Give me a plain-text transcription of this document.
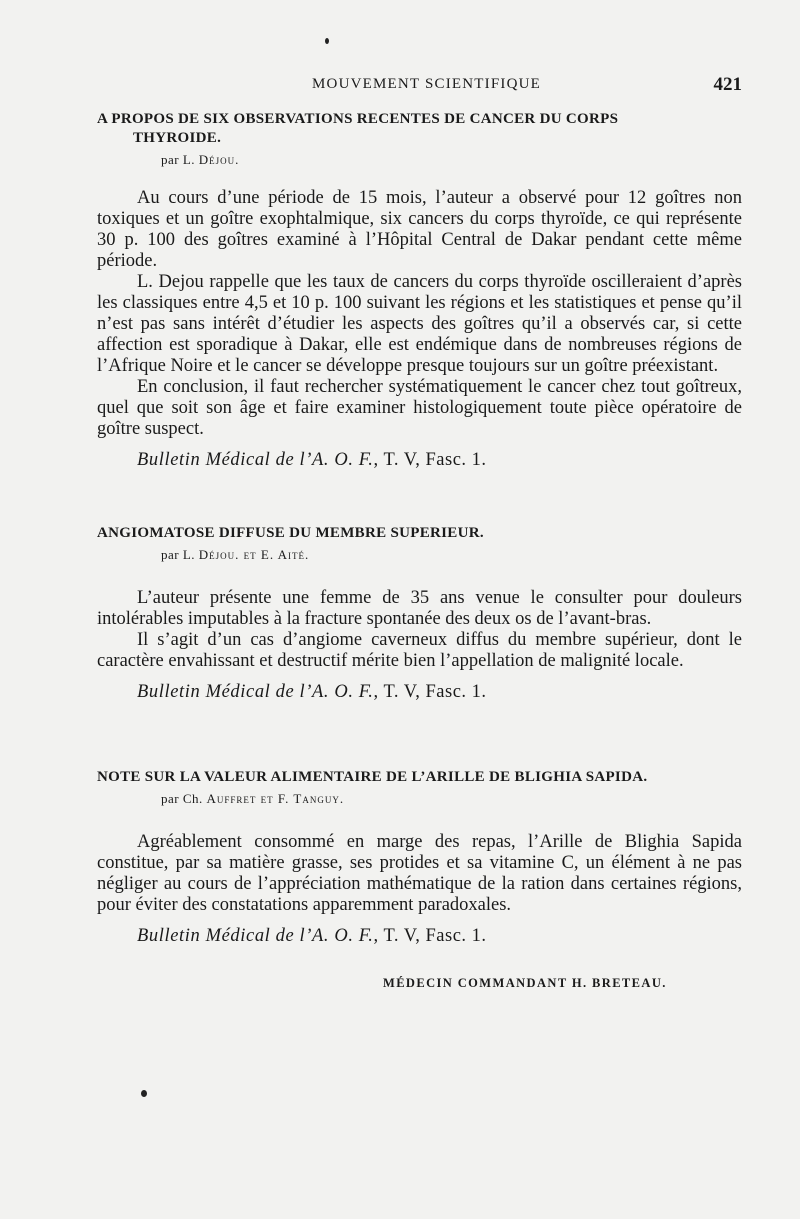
MOUVEMENT SCIENTIFIQUE	421
A PROPOS DE SIX OBSERVATIONS RECENTES DE CANCER DU CORPS
THYROIDE.
par L. Déjou.

Au cours d’une période de 15 mois, l’auteur a observé pour 12 goîtres non toxiques et un goître exophtalmique, six cancers du corps thyroïde, ce qui représente 30 p. 100 des goîtres examiné à l’Hôpital Central de Dakar pendant cette même période.

L. Dejou rappelle que les taux de cancers du corps thyroïde oscilleraient d’après les classiques entre 4,5 et 10 p. 100 suivant les régions et les statistiques et pense qu’il n’est pas sans intérêt d’étudier les aspects des goîtres qu’il a observés car, si cette affection est sporadique à Dakar, elle est endémique dans de nombreuses régions de l’Afrique Noire et le cancer se développe presque toujours sur un goître préexistant.

En conclusion, il faut rechercher systématiquement le cancer chez tout goîtreux, quel que soit son âge et faire examiner histologiquement toute pièce opératoire de goître suspect.

Bulletin Médical de l’A. O. F., T. V, Fasc. 1.
ANGIOMATOSE DIFFUSE DU MEMBRE SUPERIEUR.
par L. Déjou. et E. Aité.

L’auteur présente une femme de 35 ans venue le consulter pour douleurs intolérables imputables à la fracture spontanée des deux os de l’avant-bras.

Il s’agit d’un cas d’angiome caverneux diffus du membre supérieur, dont le caractère envahissant et destructif mérite bien l’appellation de malignité locale.

Bulletin Médical de l’A. O. F., T. V, Fasc. 1.
NOTE SUR LA VALEUR ALIMENTAIRE DE L’ARILLE DE BLIGHIA SAPIDA.
par Ch. Auffret et F. Tanguy.

Agréablement consommé en marge des repas, l’Arille de Blighia Sapida constitue, par sa matière grasse, ses protides et sa vitamine C, un élément à ne pas négliger au cours de l’appréciation mathématique de la ration dans certaines régions, pour éviter des constatations apparemment paradoxales.

Bulletin Médical de l’A. O. F., T. V, Fasc. 1.
MÉDECIN COMMANDANT H. BRETEAU.
